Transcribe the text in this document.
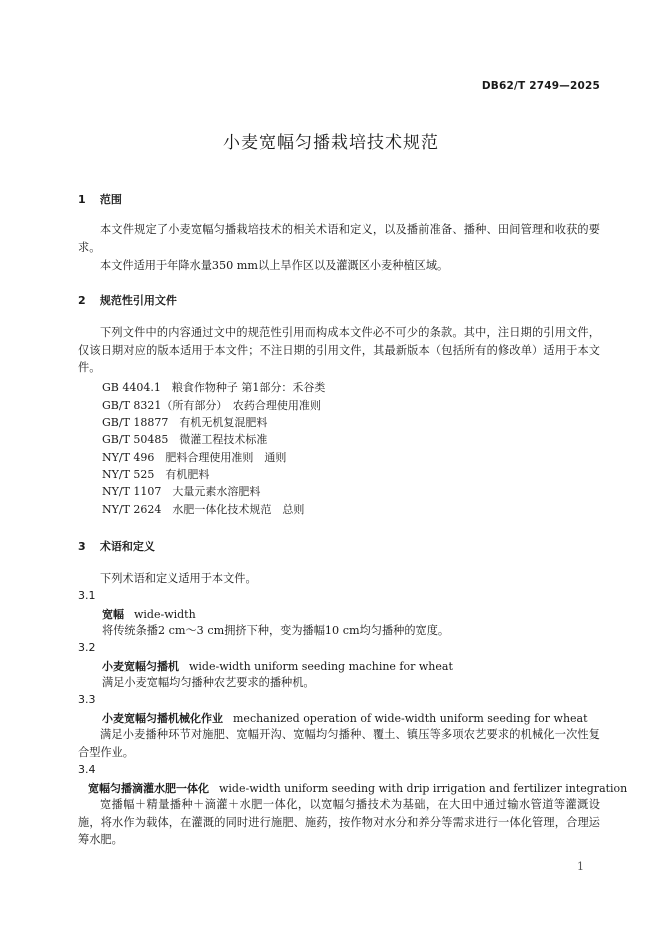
DB62/T 2749—2025
小麦宽幅匀播栽培技术规范
1 范围
本文件规定了小麦宽幅匀播栽培技术的相关术语和定义，以及播前准备、播种、田间管理和收获的要求。
本文件适用于年降水量350 mm以上旱作区以及灌溉区小麦种植区域。
2 规范性引用文件
下列文件中的内容通过文中的规范性引用而构成本文件必不可少的条款。其中，注日期的引用文件，仅该日期对应的版本适用于本文件；不注日期的引用文件，其最新版本（包括所有的修改单）适用于本文件。
GB 4404.1　粮食作物种子 第1部分：禾谷类
GB/T 8321（所有部分）　农药合理使用准则
GB/T 18877　有机无机复混肥料
GB/T 50485　微灌工程技术标准
NY/T 496　肥料合理使用准则　通则
NY/T 525　有机肥料
NY/T 1107　大量元素水溶肥料
NY/T 2624　水肥一体化技术规范　总则
3 术语和定义
下列术语和定义适用于本文件。
3.1
宽幅 wide-width
将传统条播2 cm～3 cm拥挤下种，变为播幅10 cm均匀播种的宽度。
3.2
小麦宽幅匀播机 wide-width uniform seeding machine for wheat
满足小麦宽幅均匀播种农艺要求的播种机。
3.3
小麦宽幅匀播机械化作业 mechanized operation of wide-width uniform seeding for wheat
满足小麦播种环节对施肥、宽幅开沟、宽幅均匀播种、覆土、镇压等多项农艺要求的机械化一次性复合型作业。
3.4
宽幅匀播滴灌水肥一体化 wide-width uniform seeding with drip irrigation and fertilizer integration
宽播幅＋精量播种＋滴灌＋水肥一体化，以宽幅匀播技术为基础，在大田中通过输水管道等灌溉设施，将水作为载体，在灌溉的同时进行施肥、施药，按作物对水分和养分等需求进行一体化管理，合理运筹水肥。
1
